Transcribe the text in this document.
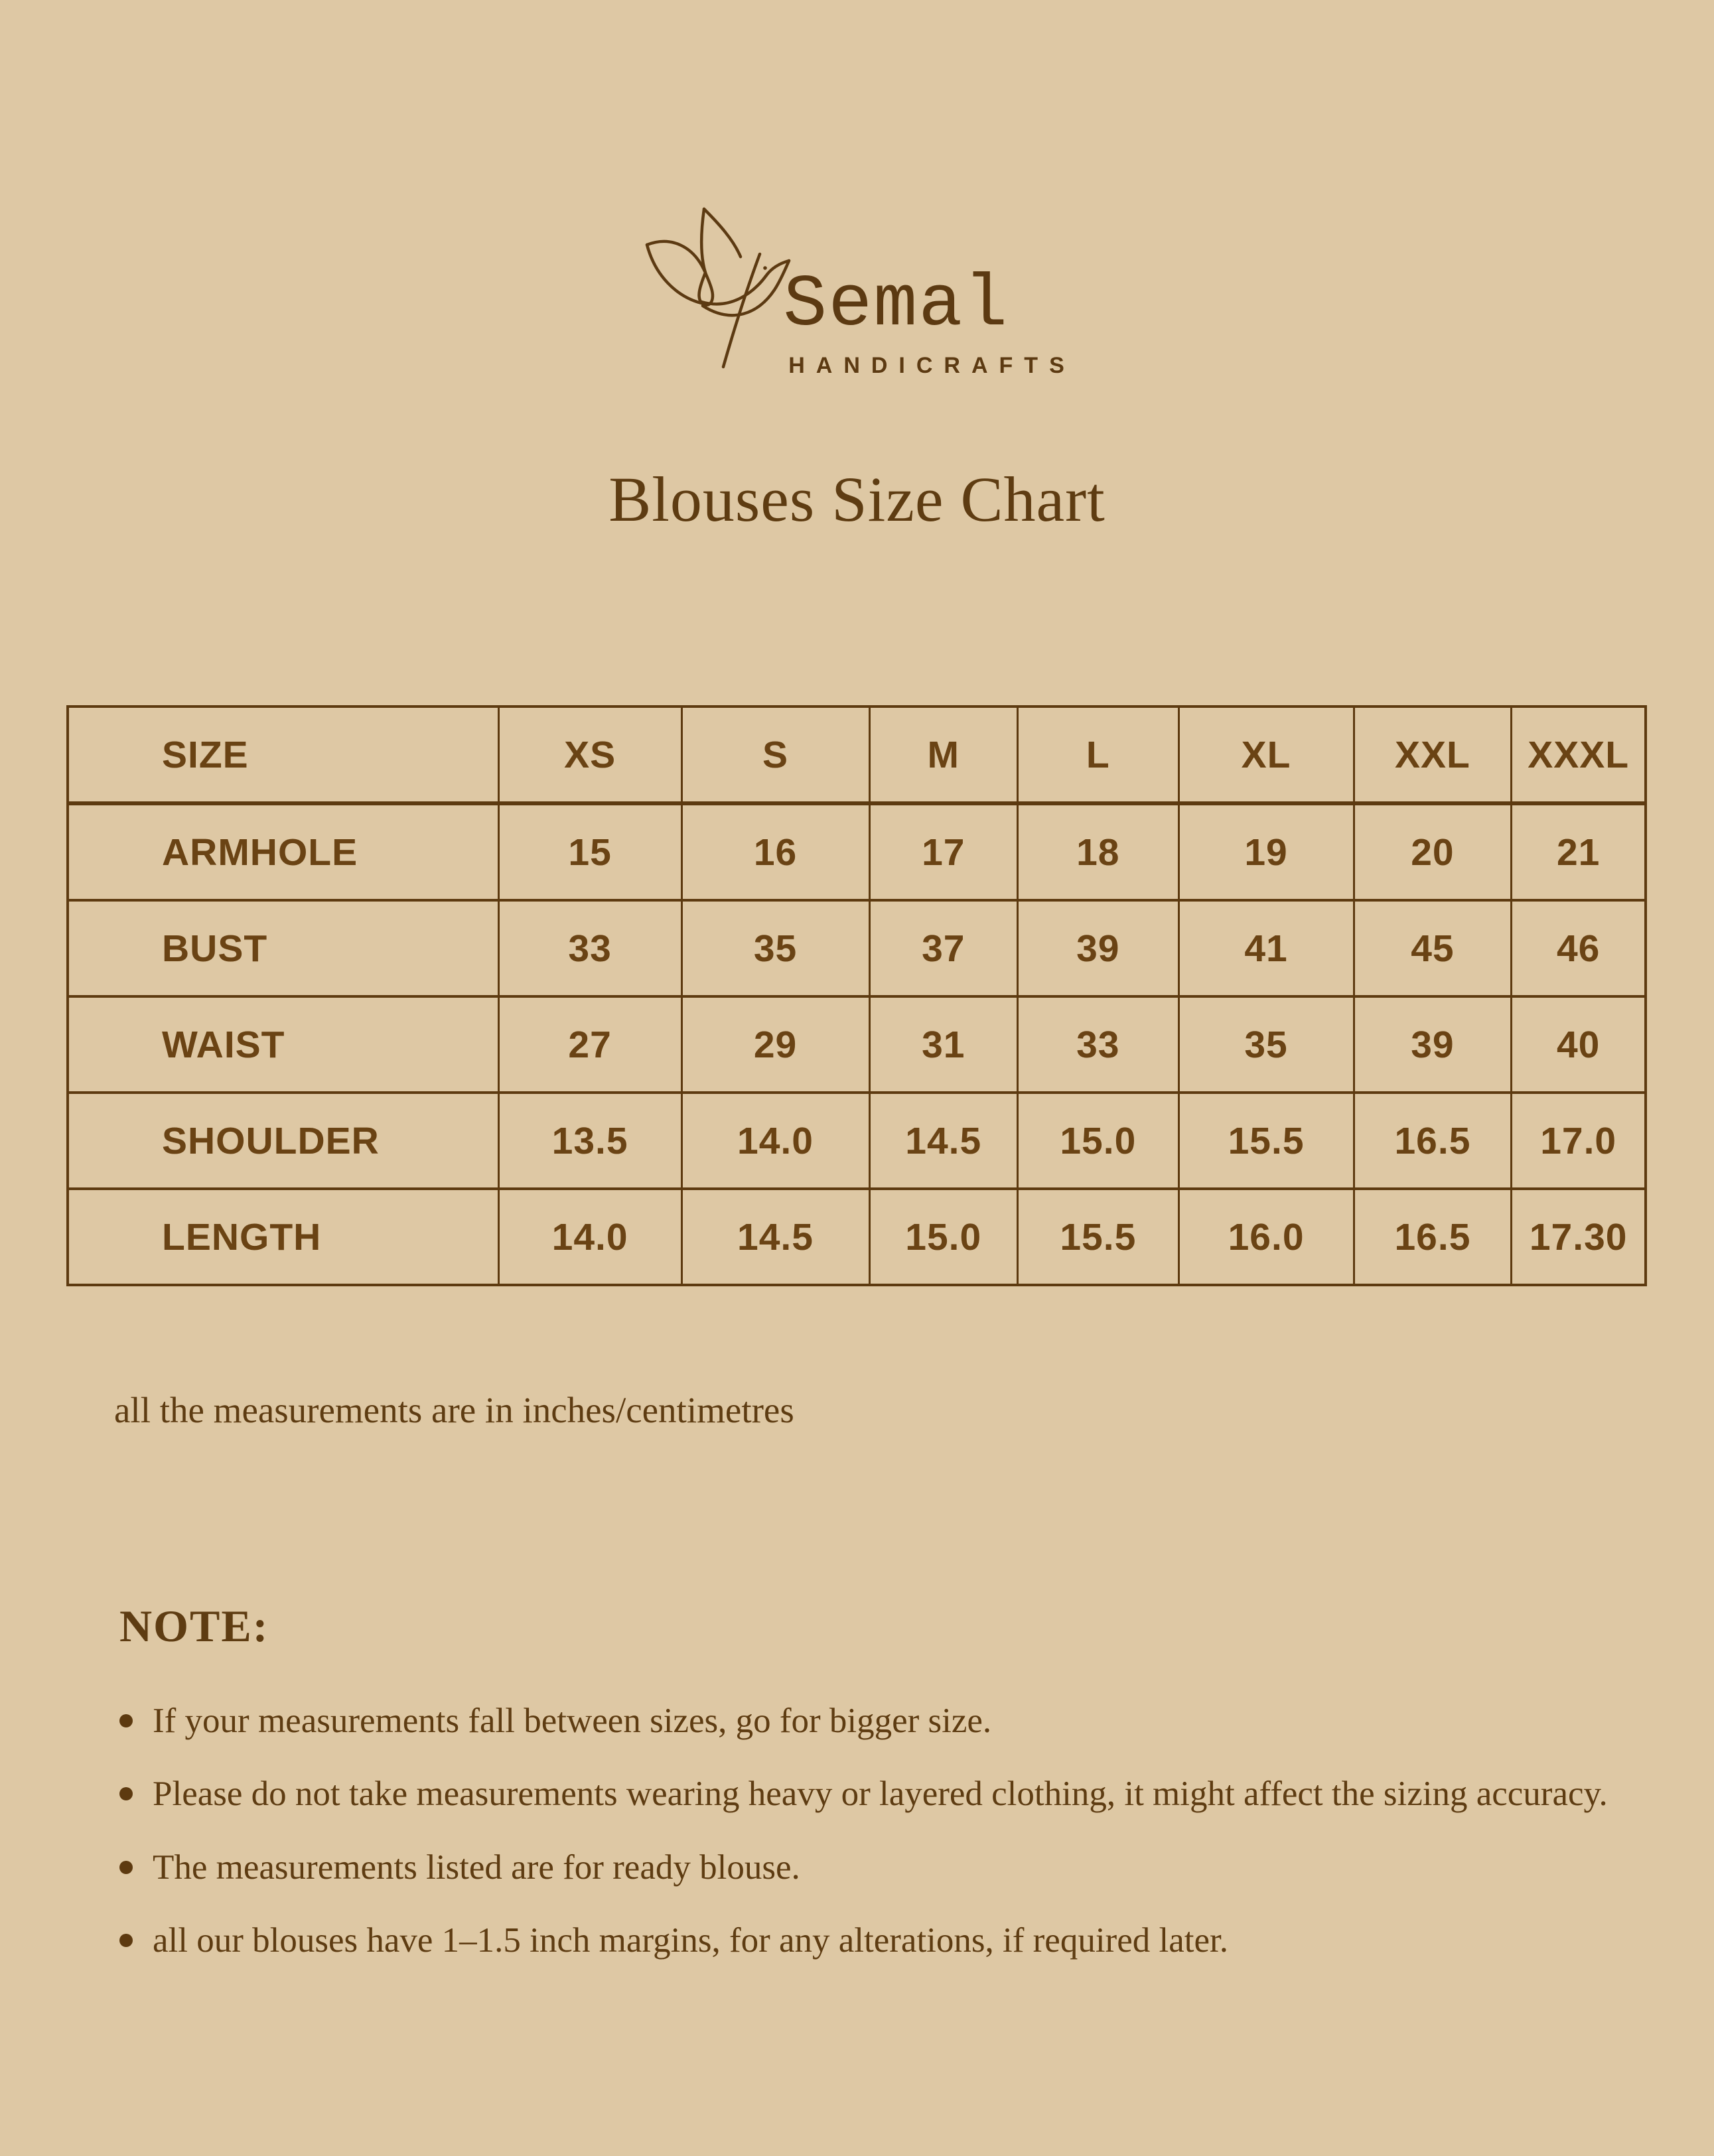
Semal
HANDICRAFTS
Blouses Size Chart
SIZE	XS	S	M	L	XL	XXL	XXXL
ARMHOLE	15	16	17	18	19	20	21
BUST	33	35	37	39	41	45	46
WAIST	27	29	31	33	35	39	40
SHOULDER	13.5	14.0	14.5	15.0	15.5	16.5	17.0
LENGTH	14.0	14.5	15.0	15.5	16.0	16.5	17.30
all the measurements are in inches/centimetres
NOTE:
If your measurements fall between sizes, go for bigger size.
Please do not take measurements wearing heavy or layered clothing, it might affect the sizing accuracy.
The measurements listed are for ready blouse.
all our blouses have 1–1.5 inch margins, for any alterations, if required later.
